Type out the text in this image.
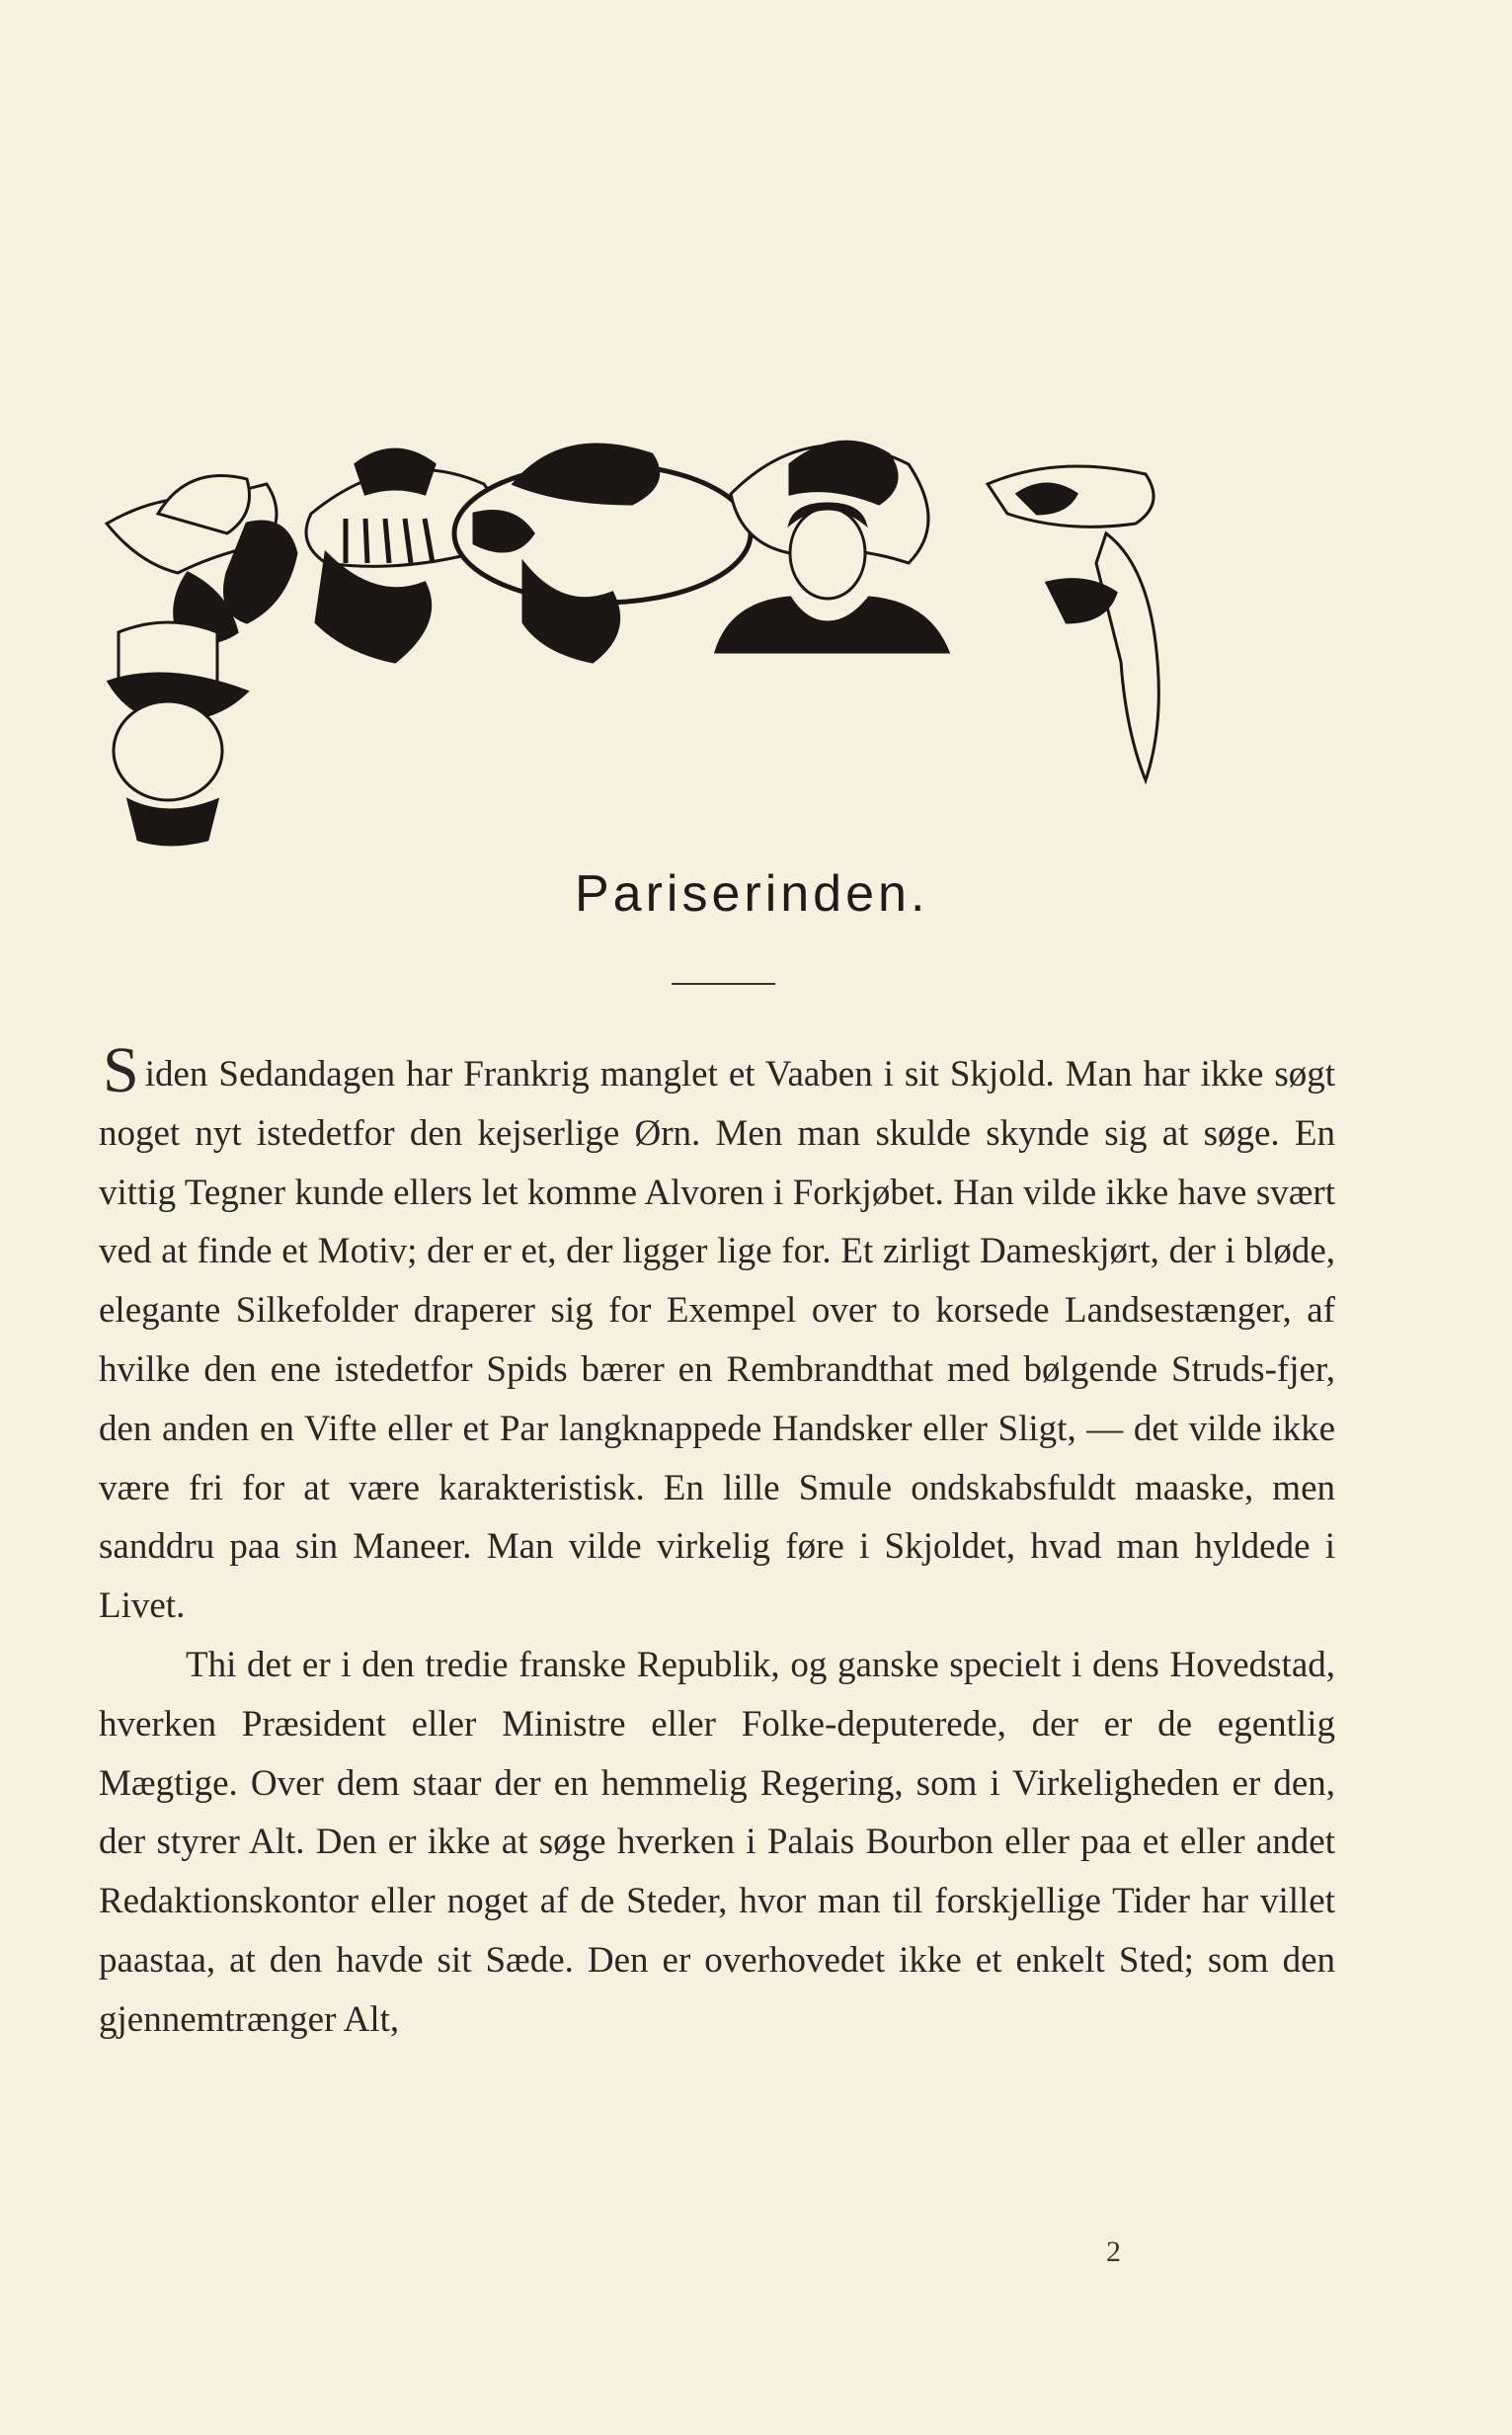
Pariserinden.

Siden Sedandagen har Frankrig manglet et Vaaben i sit Skjold. Man har ikke søgt noget nyt istedetfor den kejserlige Ørn. Men man skulde skynde sig at søge. En vittig Tegner kunde ellers let komme Alvoren i Forkjøbet. Han vilde ikke have svært ved at finde et Motiv; der er et, der ligger lige for. Et zirligt Dameskjørt, der i bløde, elegante Silkefolder draperer sig for Exempel over to korsede Landsestænger, af hvilke den ene istedetfor Spids bærer en Rembrandthat med bølgende Struds-fjer, den anden en Vifte eller et Par langknappede Handsker eller Sligt, — det vilde ikke være fri for at være karakteristisk. En lille Smule ondskabsfuldt maaske, men sanddru paa sin Maneer. Man vilde virkelig føre i Skjoldet, hvad man hyldede i Livet.

Thi det er i den tredie franske Republik, og ganske specielt i dens Hovedstad, hverken Præsident eller Ministre eller Folke-deputerede, der er de egentlig Mægtige. Over dem staar der en hemmelig Regering, som i Virkeligheden er den, der styrer Alt. Den er ikke at søge hverken i Palais Bourbon eller paa et eller andet Redaktionskontor eller noget af de Steder, hvor man til forskjellige Tider har villet paastaa, at den havde sit Sæde. Den er overhovedet ikke et enkelt Sted; som den gjennemtrænger Alt,

2
